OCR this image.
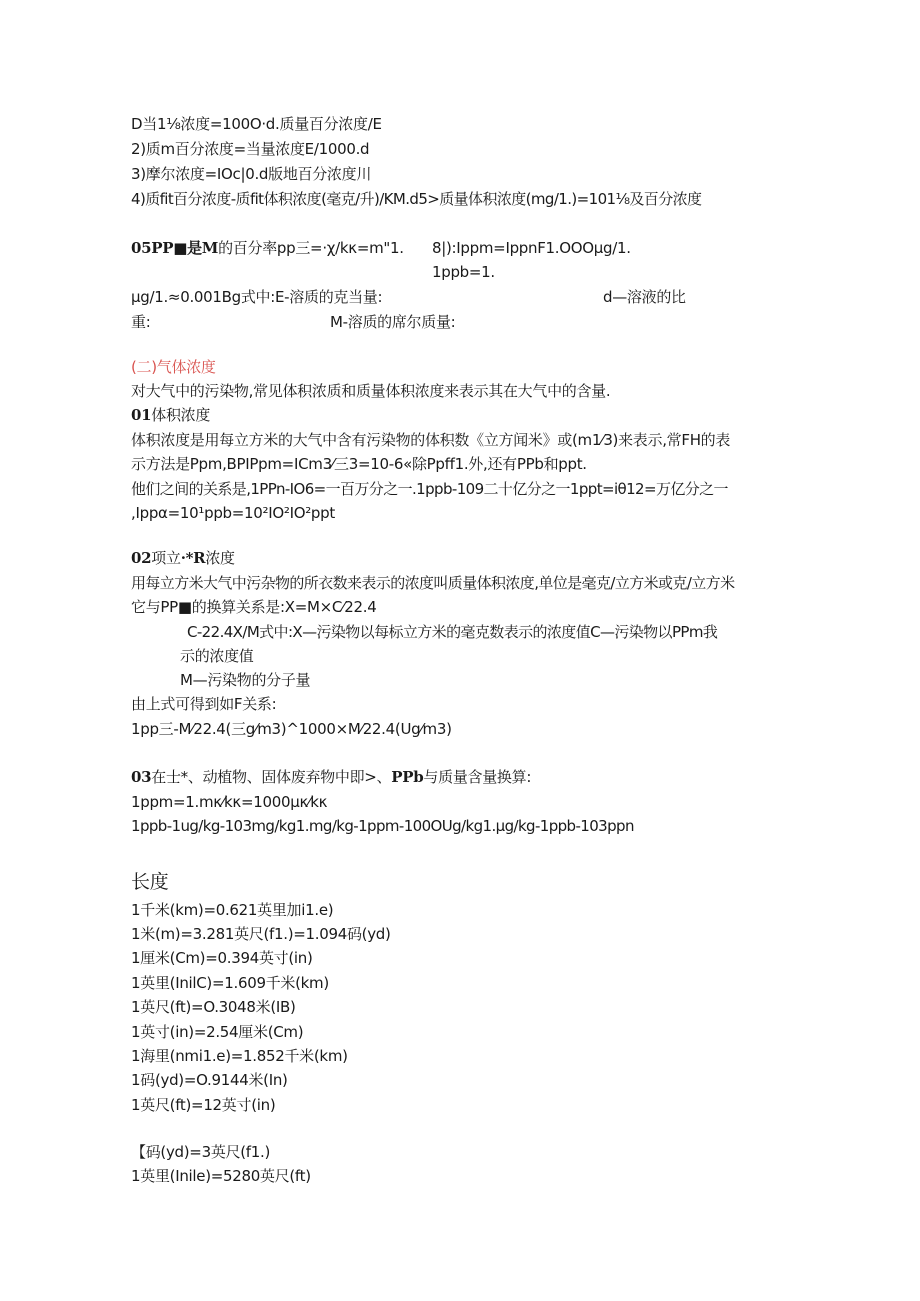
D当1⅛浓度=100O·d.质量百分浓度/E
2)质m百分浓度=当量浓度E/1000.d
3)摩尔浓度=IOc|0.d版地百分浓度川
4)质fit百分浓度-质fit体积浓度(毫克/升)/KM.d5>质量体积浓度(mg/1.)=101⅛及百分浓度
05PP■是M的百分率pp三=·χ/kκ=m"1. 8|):Ippm=IppnF1.OOOμg/1.
1ppb=1.
μg/1.≈0.001Bg式中:E-溶质的克当量:	d—溶液的比
重:	M-溶质的席尔质量:
(二)气体浓度
对大气中的污染物,常见体积浓质和质量体积浓度来表示其在大气中的含量.
01体积浓度
体积浓度是用每立方米的大气中含有污染物的体积数《立方闻米》或(m1⁄3)来表示,常FH的表
示方法是Ppm,BPIPpm=ICm3⁄三3=10-6«除Ppff1.外,还有PPb和ppt.
他们之间的关系是,1PPn-IO6=一百万分之一.1ppb-109二十亿分之一1ppt=iθ12=万亿分之一
,Ippα=10¹ppb=10²IO²IO²ppt
02项立·*R浓度
用每立方米大气中污杂物的所衣数来表示的浓度叫质量体积浓度,单位是毫克/立方米或克/立方米
它与PP■的换算关系是:X=M×C⁄22.4
C-22.4X/M式中:X—污染物以每标立方米的毫克数表示的浓度值C—污染物以PPm我
示的浓度值
M—污染物的分子量
由上式可得到如F关系:
1pp三-M⁄22.4(三g⁄m3)^1000×M⁄22.4(Ug⁄m3)
03在士*、动植物、固体废弃物中即>、PPb与质量含量换算:
1ppm=1.mκ⁄kκ=1000μκ⁄kκ
1ppb-1ug/kg-103mg/kg1.mg/kg-1ppm-100OUg/kg1.μg/kg-1ppb-103ppn
长度
1千米(km)=0.621英里加i1.e)
1米(m)=3.281英尺(f1.)=1.094码(yd)
1厘米(Cm)=0.394英寸(in)
1英里(InilC)=1.609千米(km)
1英尺(ft)=O.3048米(IB)
1英寸(in)=2.54厘米(Cm)
1海里(nmi1.e)=1.852千米(km)
1码(yd)=O.9144米(In)
1英尺(ft)=12英寸(in)
【码(yd)=3英尺(f1.)
1英里(Inile)=5280英尺(ft)
